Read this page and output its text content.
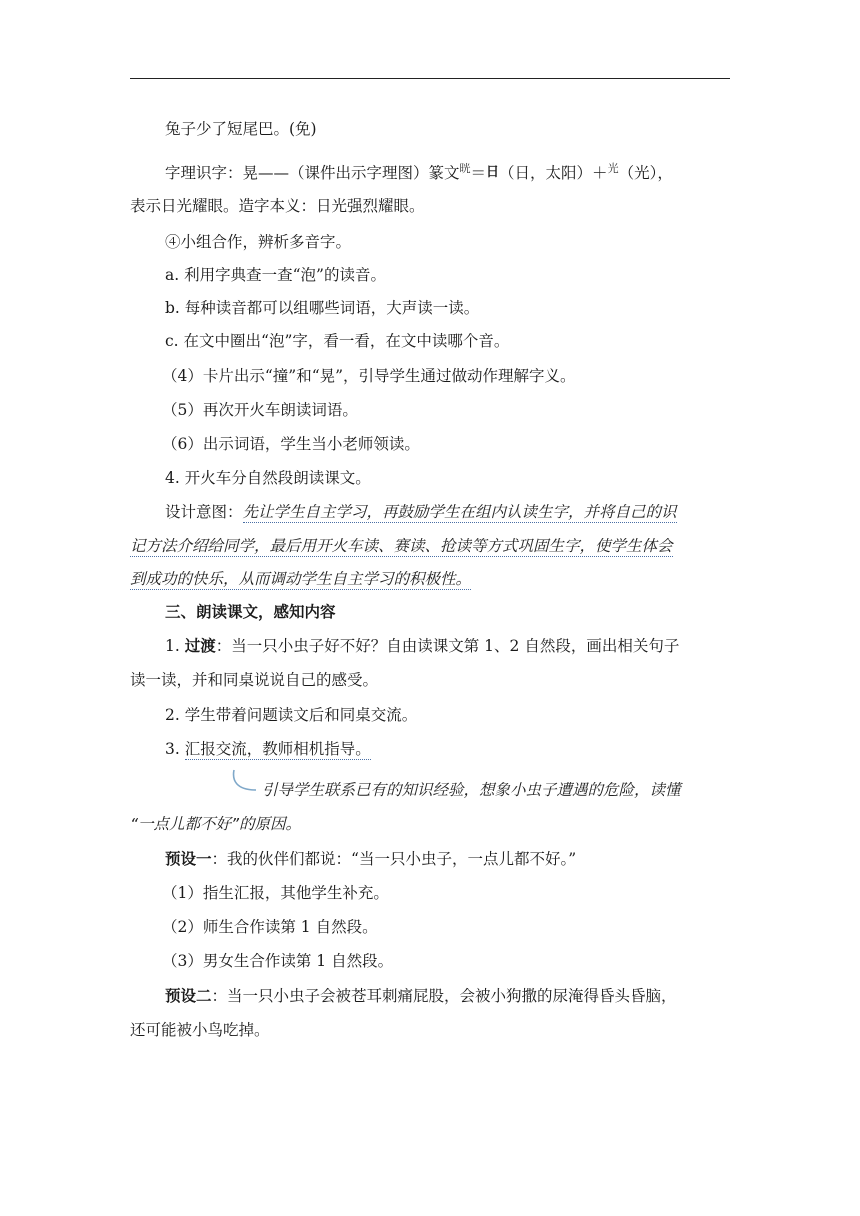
兔子少了短尾巴。(免)
字理识字：晃——（课件出示字理图）篆文晄＝日（日，太阳）＋光（光），
表示日光耀眼。造字本义：日光强烈耀眼。
④小组合作，辨析多音字。
a. 利用字典查一查“泡”的读音。
b. 每种读音都可以组哪些词语，大声读一读。
c. 在文中圈出“泡”字，看一看，在文中读哪个音。
（4）卡片出示“撞”和“晃”，引导学生通过做动作理解字义。
（5）再次开火车朗读词语。
（6）出示词语，学生当小老师领读。
4. 开火车分自然段朗读课文。
设计意图：先让学生自主学习，再鼓励学生在组内认读生字，并将自己的识
记方法介绍给同学，最后用开火车读、赛读、抢读等方式巩固生字，使学生体会
到成功的快乐，从而调动学生自主学习的积极性。
三、朗读课文，感知内容
1. 过渡：当一只小虫子好不好？自由读课文第 1、2 自然段，画出相关句子
读一读，并和同桌说说自己的感受。
2. 学生带着问题读文后和同桌交流。
3. 汇报交流，教师相机指导。
引导学生联系已有的知识经验，想象小虫子遭遇的危险，读懂
“一点儿都不好”的原因。
预设一：我的伙伴们都说：“当一只小虫子，一点儿都不好。”
（1）指生汇报，其他学生补充。
（2）师生合作读第 1 自然段。
（3）男女生合作读第 1 自然段。
预设二：当一只小虫子会被苍耳刺痛屁股，会被小狗撒的尿淹得昏头昏脑，
还可能被小鸟吃掉。
